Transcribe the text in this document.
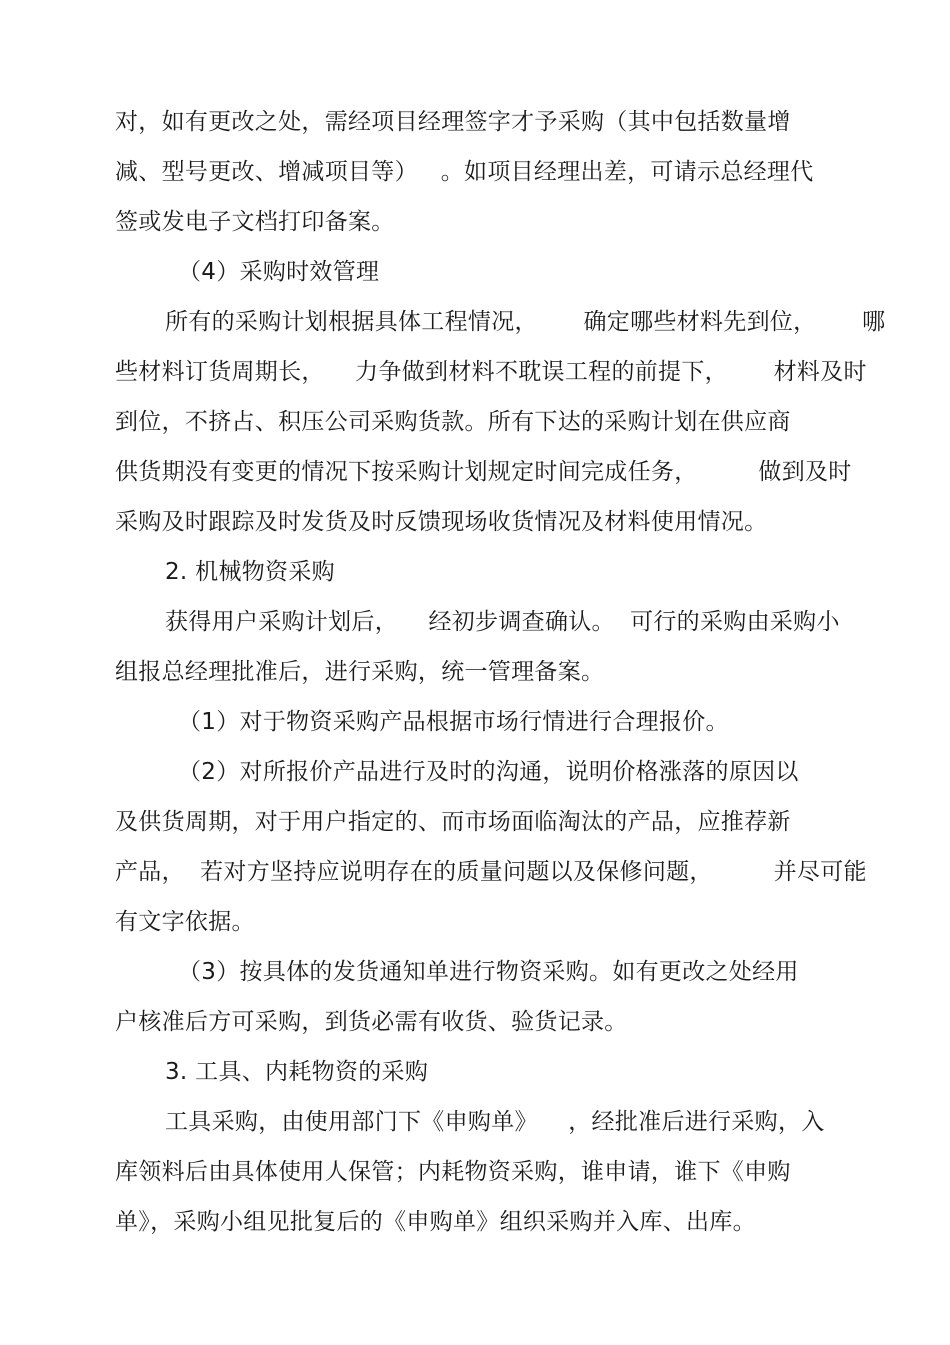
对，如有更改之处，需经项目经理签字才予采购（其中包括数量增
减、型号更改、增减项目等）   。如项目经理出差，可请示总经理代
签或发电子文档打印备案。
（4）采购时效管理
所有的采购计划根据具体工程情况，      确定哪些材料先到位，      哪
些材料订货周期长，    力争做到材料不耽误工程的前提下，      材料及时
到位，不挤占、积压公司采购货款。所有下达的采购计划在供应商
供货期没有变更的情况下按采购计划规定时间完成任务，        做到及时
采购及时跟踪及时发货及时反馈现场收货情况及材料使用情况。
2. 机械物资采购
获得用户采购计划后，    经初步调查确认。  可行的采购由采购小
组报总经理批准后，进行采购，统一管理备案。
（1）对于物资采购产品根据市场行情进行合理报价。
（2）对所报价产品进行及时的沟通，说明价格涨落的原因以
及供货周期，对于用户指定的、而市场面临淘汰的产品，应推荐新
产品，  若对方坚持应说明存在的质量问题以及保修问题，        并尽可能
有文字依据。
（3）按具体的发货通知单进行物资采购。如有更改之处经用
户核准后方可采购，到货必需有收货、验货记录。
3. 工具、内耗物资的采购
工具采购，由使用部门下《申购单》    ，经批准后进行采购，入
库领料后由具体使用人保管；内耗物资采购，谁申请，谁下《申购
单》，采购小组见批复后的《申购单》组织采购并入库、出库。
